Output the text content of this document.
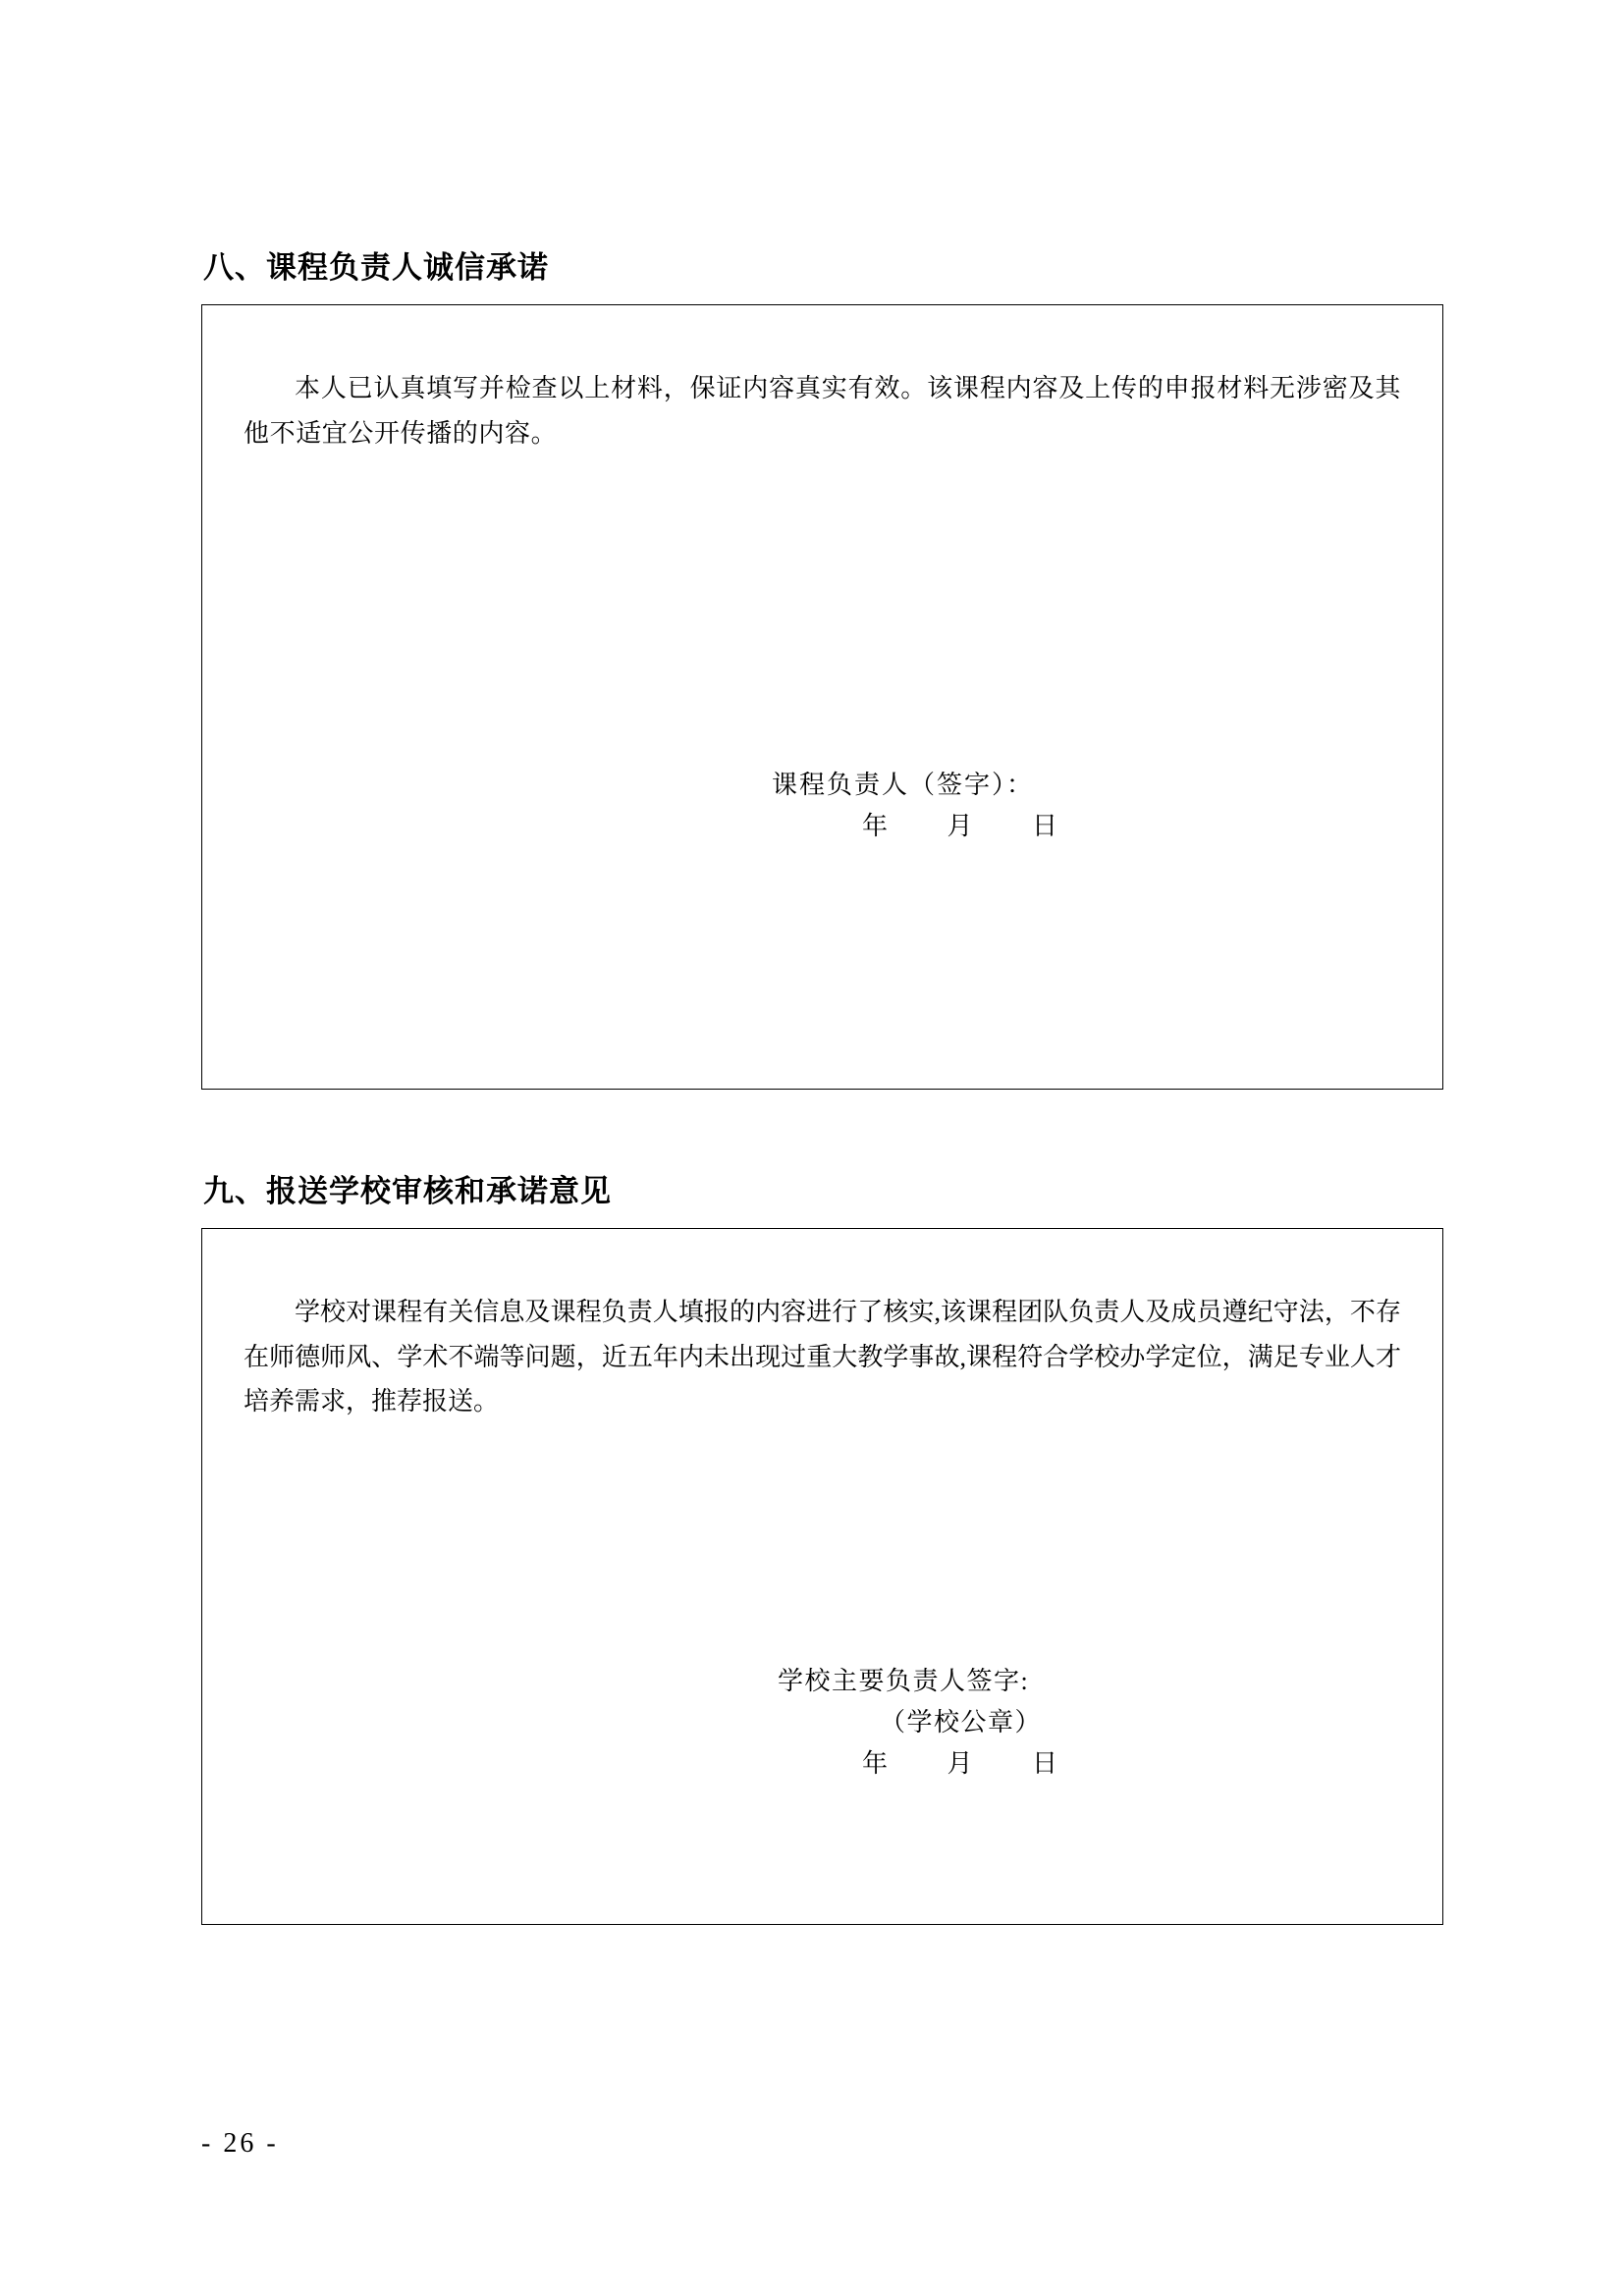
八、课程负责人诚信承诺

本人已认真填写并检查以上材料，保证内容真实有效。该课程内容及上传的申报材料无涉密及其他不适宜公开传播的内容。

课程负责人（签字）：
年 月 日
九、报送学校审核和承诺意见

学校对课程有关信息及课程负责人填报的内容进行了核实,该课程团队负责人及成员遵纪守法，不存在师德师风、学术不端等问题，近五年内未出现过重大教学事故,课程符合学校办学定位，满足专业人才培养需求，推荐报送。

学校主要负责人签字:
（学校公章）
年 月 日
- 26 -
